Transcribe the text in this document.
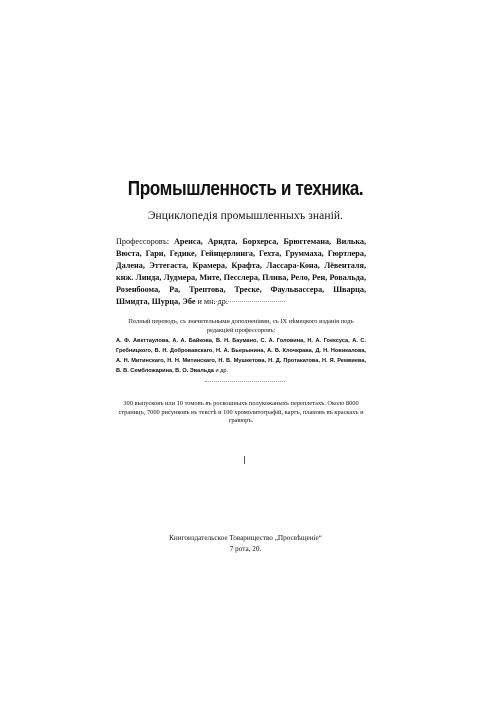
Промышленность и техника.
Энциклопедія промышленныхъ знаній.
Профессоровъ: Ареиса, Арндта, Борхерса, Брюггемана, Вилька, Вюста, Гари, Гедике, Гейнцерлинга, Гехта, Груммаха, Гюртлера, Далена, Эттегаста, Крамера, Крафта, Лассара-Кона, Лёвенталя, кнж. Линда, Лудмера, Мите, Песслера, Плива, Рело, Рен, Ровальда, Розенбоома, Ра, Трептова, Треске, Фаульвассера, Шварца, Шмидта, Шурца, Эбе и мн. др.
Полный переводъ, съ значительными дополненіями, съ IX нѣмецкого изданія подъ редакціей профессоровъ:
А. Ф. Авкттаулова, А. А. Байкова, В. Н. Баумано, С. А. Головина, Н. А. Гоексуса, А. С. Гребницкого, В. Н. Добровавскаго, Н. А. Бьерынина, А. В. Клочкрава, Д. Н. Новикалова, А. Н. Митинскаго, Н. Н. Митинскаго, Н. В. Мушкетова, Н. Д. Протакатова, Н. Я. Ремвиева, В. В. Сембложарина, В. О. Эвальда и др.
300 выпусковъ или 10 томовъ въ роскошныхъ полукожаныхъ переплетахъ. Около 8000 страницъ, 7000 рисунковъ въ текстѣ и 100 хромолитографій, картъ, плановъ въ краскахъ и гравюръ.
Книгоиздательское Товарищество „Просвѣщеніе“
7 рота, 20.
